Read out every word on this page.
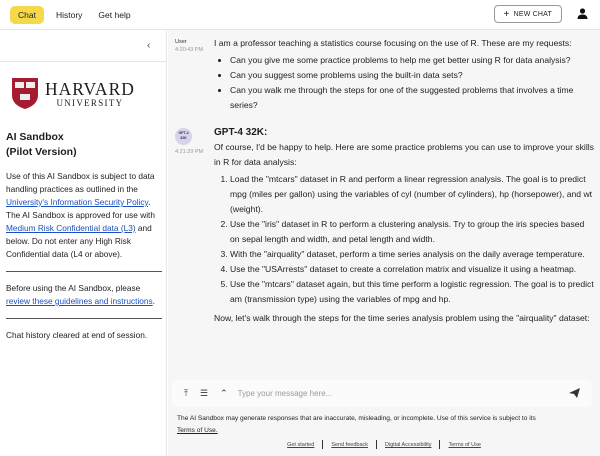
Chat	History	Get help	+ NEW CHAT
‹
HARVARD
UNIVERSITY
AI Sandbox
(Pilot Version)
Use of this AI Sandbox is subject to data handling practices as outlined in the University's Information Security Policy. The AI Sandbox is approved for use with Medium Risk Confidential data (L3) and below. Do not enter any High Risk Confidential data (L4 or above).
Before using the AI Sandbox, please review these guidelines and instructions.
Chat history cleared at end of session.
User
4:20:43 PM
I am a professor teaching a statistics course focusing on the use of R. These are my requests:
• Can you give me some practice problems to help me get better using R for data analysis?
• Can you suggest some problems using the built-in data sets?
• Can you walk me through the steps for one of the suggested problems that involves a time series?
GPT-4 32K
4:21:29 PM
GPT-4 32K:
Of course, I'd be happy to help. Here are some practice problems you can use to improve your skills in R for data analysis:
1. Load the "mtcars" dataset in R and perform a linear regression analysis. The goal is to predict mpg (miles per gallon) using the variables of cyl (number of cylinders), hp (horsepower), and wt (weight).
2. Use the "iris" dataset in R to perform a clustering analysis. Try to group the iris species based on sepal length and width, and petal length and width.
3. With the "airquality" dataset, perform a time series analysis on the daily average temperature.
4. Use the "USArrests" dataset to create a correlation matrix and visualize it using a heatmap.
5. Use the "mtcars" dataset again, but this time perform a logistic regression. The goal is to predict am (transmission type) using the variables of mpg and hp.
Now, let's walk through the steps for the time series analysis problem using the "airquality" dataset:
⤒ ☰ ⌃ Type your message here...
The AI Sandbox may generate responses that are inaccurate, misleading, or incomplete. Use of this service is subject to its
Terms of Use.
Get started	Send feedback	Digital Accessibility	Terms of Use
